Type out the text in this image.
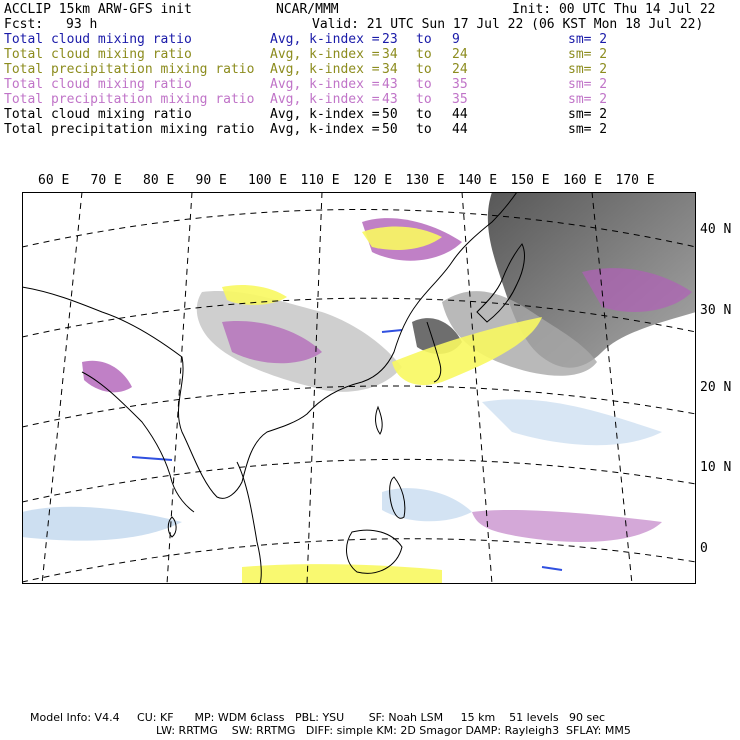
ACCLIP 15km ARW-GFS init	NCAR/MMM	Init: 00 UTC Thu 14 Jul 22
Fcst: 93 h	Valid: 21 UTC Sun 17 Jul 22 (06 KST Mon 18 Jul 22)
Total cloud mixing ratio	Avg, k-index = 23 to 9	sm= 2
Total cloud mixing ratio	Avg, k-index = 34 to 24	sm= 2
Total precipitation mixing ratio Avg, k-index = 34 to 24	sm= 2
Total cloud mixing ratio	Avg, k-index = 43 to 35	sm= 2
Total precipitation mixing ratio Avg, k-index = 43 to 35	sm= 2
Total cloud mixing ratio	Avg, k-index = 50 to 44	sm= 2
Total precipitation mixing ratio Avg, k-index = 50 to 44	sm= 2
60 E 70 E 80 E 90 E 100 E 110 E 120 E 130 E 140 E 150 E 160 E 170 E
40 N
30 N
20 N
10 N
0
Model Info: V4.4     CU: KF      MP: WDM 6class   PBL: YSU       SF: Noah LSM     15 km    51 levels   90 sec
LW: RRTMG    SW: RRTMG   DIFF: simple KM: 2D Smagor DAMP: Rayleigh3  SFLAY: MM5
